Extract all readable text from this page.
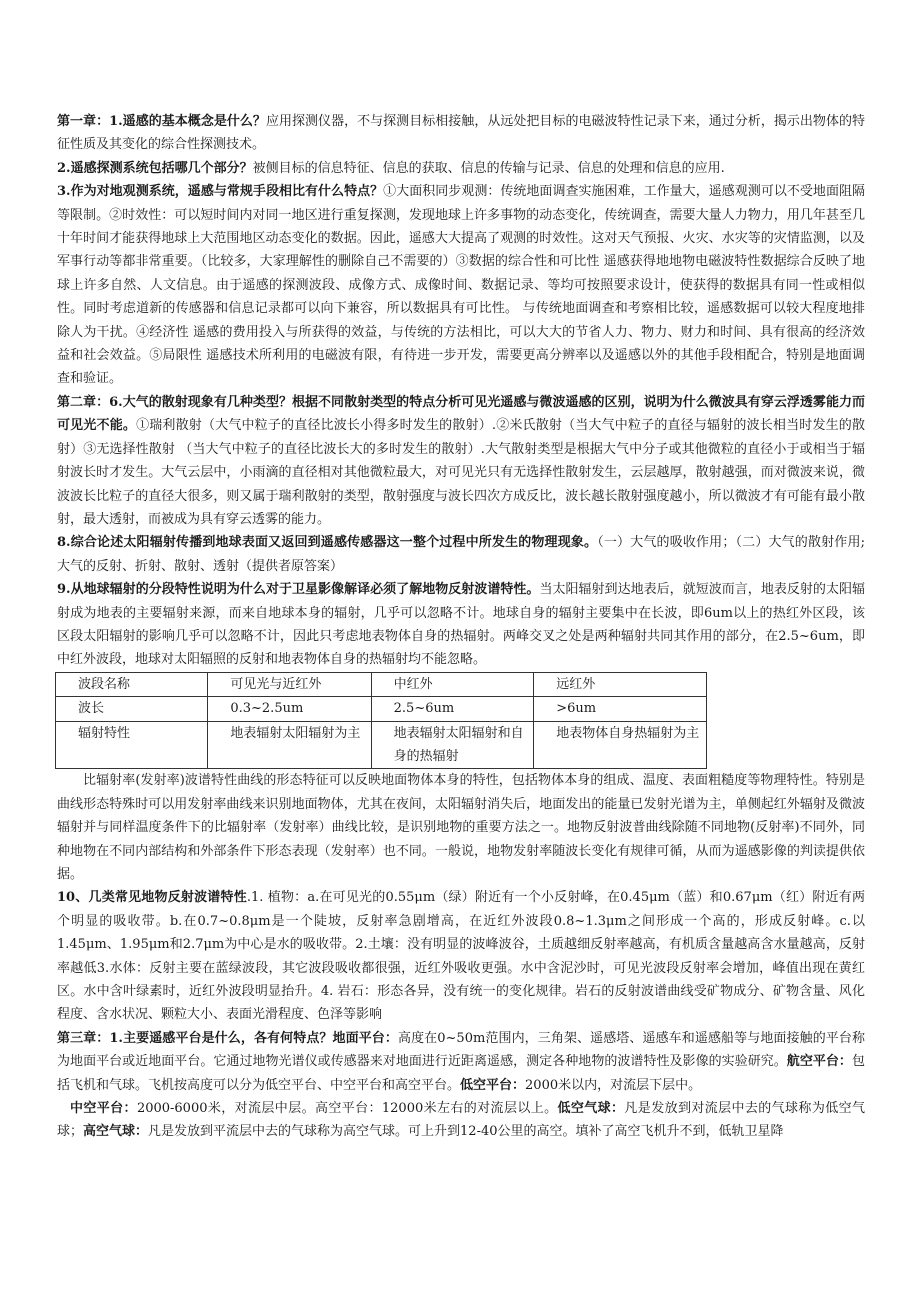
第一章：1.遥感的基本概念是什么？应用探测仪器，不与探测目标相接触，从远处把目标的电磁波特性记录下来，通过分析，揭示出物体的特征性质及其变化的综合性探测技术。

2.遥感探测系统包括哪几个部分？被侧目标的信息特征、信息的获取、信息的传输与记录、信息的处理和信息的应用.

3.作为对地观测系统，遥感与常规手段相比有什么特点？①大面积同步观测：传统地面调查实施困难，工作量大，遥感观测可以不受地面阻隔等限制。②时效性：可以短时间内对同一地区进行重复探测，发现地球上许多事物的动态变化，传统调查，需要大量人力物力，用几年甚至几十年时间才能获得地球上大范围地区动态变化的数据。因此，遥感大大提高了观测的时效性。这对天气预报、火灾、水灾等的灾情监测，以及军事行动等都非常重要。（比较多，大家理解性的删除自己不需要的）③数据的综合性和可比性 遥感获得地地物电磁波特性数据综合反映了地球上许多自然、人文信息。由于遥感的探测波段、成像方式、成像时间、数据记录、等均可按照要求设计，使获得的数据具有同一性或相似性。同时考虑道新的传感器和信息记录都可以向下兼容，所以数据具有可比性。 与传统地面调查和考察相比较，遥感数据可以较大程度地排除人为干扰。④经济性 遥感的费用投入与所获得的效益，与传统的方法相比，可以大大的节省人力、物力、财力和时间、具有很高的经济效益和社会效益。⑤局限性 遥感技术所利用的电磁波有限，有待进一步开发，需要更高分辨率以及遥感以外的其他手段相配合，特别是地面调查和验证。

第二章：6.大气的散射现象有几种类型？根据不同散射类型的特点分析可见光遥感与微波遥感的区别，说明为什么微波具有穿云浮透雾能力而可见光不能。①瑞利散射（大气中粒子的直径比波长小得多时发生的散射）.②米氏散射（当大气中粒子的直径与辐射的波长相当时发生的散射）③无选择性散射 （当大气中粒子的直径比波长大的多时发生的散射）.大气散射类型是根据大气中分子或其他微粒的直径小于或相当于辐射波长时才发生。大气云层中，小雨滴的直径相对其他微粒最大，对可见光只有无选择性散射发生，云层越厚，散射越强，而对微波来说，微波波长比粒子的直径大很多，则又属于瑞利散射的类型，散射强度与波长四次方成反比，波长越长散射强度越小，所以微波才有可能有最小散射，最大透射，而被成为具有穿云透雾的能力。

8.综合论述太阳辐射传播到地球表面又返回到遥感传感器这一整个过程中所发生的物理现象。（一）大气的吸收作用；（二）大气的散射作用;大气的反射、折射、散射、透射（提供者原答案）

9.从地球辐射的分段特性说明为什么对于卫星影像解译必须了解地物反射波谱特性。当太阳辐射到达地表后，就短波而言，地表反射的太阳辐射成为地表的主要辐射来源，而来自地球本身的辐射，几乎可以忽略不计。地球自身的辐射主要集中在长波，即6um以上的热红外区段，该区段太阳辐射的影响几乎可以忽略不计，因此只考虑地表物体自身的热辐射。两峰交叉之处是两种辐射共同其作用的部分，在2.5~6um，即中红外波段，地球对太阳辐照的反射和地表物体自身的热辐射均不能忽略。

波段名称	可见光与近红外	中红外	远红外
波长	0.3~2.5um	2.5~6um	>6um
辐射特性	地表辐射太阳辐射为主	地表辐射太阳辐射和自身的热辐射	地表物体自身热辐射为主

比辐射率(发射率)波谱特性曲线的形态特征可以反映地面物体本身的特性，包括物体本身的组成、温度、表面粗糙度等物理特性。特别是曲线形态特殊时可以用发射率曲线来识别地面物体，尤其在夜间，太阳辐射消失后，地面发出的能量已发射光谱为主，单侧起红外辐射及微波辐射并与同样温度条件下的比辐射率（发射率）曲线比较，是识别地物的重要方法之一。地物反射波普曲线除随不同地物(反射率)不同外，同种地物在不同内部结构和外部条件下形态表现（发射率）也不同。一般说，地物发射率随波长变化有规律可循，从而为遥感影像的判读提供依据。

10、几类常见地物反射波谱特性.1. 植物：a.在可见光的0.55μm（绿）附近有一个小反射峰，在0.45μm（蓝）和0.67μm（红）附近有两个明显的吸收带。b.在0.7~0.8μm是一个陡坡，反射率急剧增高，在近红外波段0.8~1.3μm之间形成一个高的，形成反射峰。c.以1.45μm、1.95μm和2.7μm为中心是水的吸收带。2.土壤：没有明显的波峰波谷，土质越细反射率越高，有机质含量越高含水量越高，反射率越低3.水体：反射主要在蓝绿波段，其它波段吸收都很强，近红外吸收更强。水中含泥沙时，可见光波段反射率会增加，峰值出现在黄红区。水中含叶绿素时，近红外波段明显抬升。4. 岩石：形态各异，没有统一的变化规律。岩石的反射波谱曲线受矿物成分、矿物含量、风化程度、含水状况、颗粒大小、表面光滑程度、色泽等影响

第三章：1.主要遥感平台是什么，各有何特点？地面平台：高度在0~50m范围内，三角架、遥感塔、遥感车和遥感船等与地面接触的平台称为地面平台或近地面平台。它通过地物光谱仪或传感器来对地面进行近距离遥感，测定各种地物的波谱特性及影像的实验研究。航空平台：包括飞机和气球。飞机按高度可以分为低空平台、中空平台和高空平台。低空平台：2000米以内，对流层下层中。

中空平台：2000-6000米，对流层中层。高空平台：12000米左右的对流层以上。低空气球：凡是发放到对流层中去的气球称为低空气球；高空气球：凡是发放到平流层中去的气球称为高空气球。可上升到12-40公里的高空。填补了高空飞机升不到，低轨卫星降
